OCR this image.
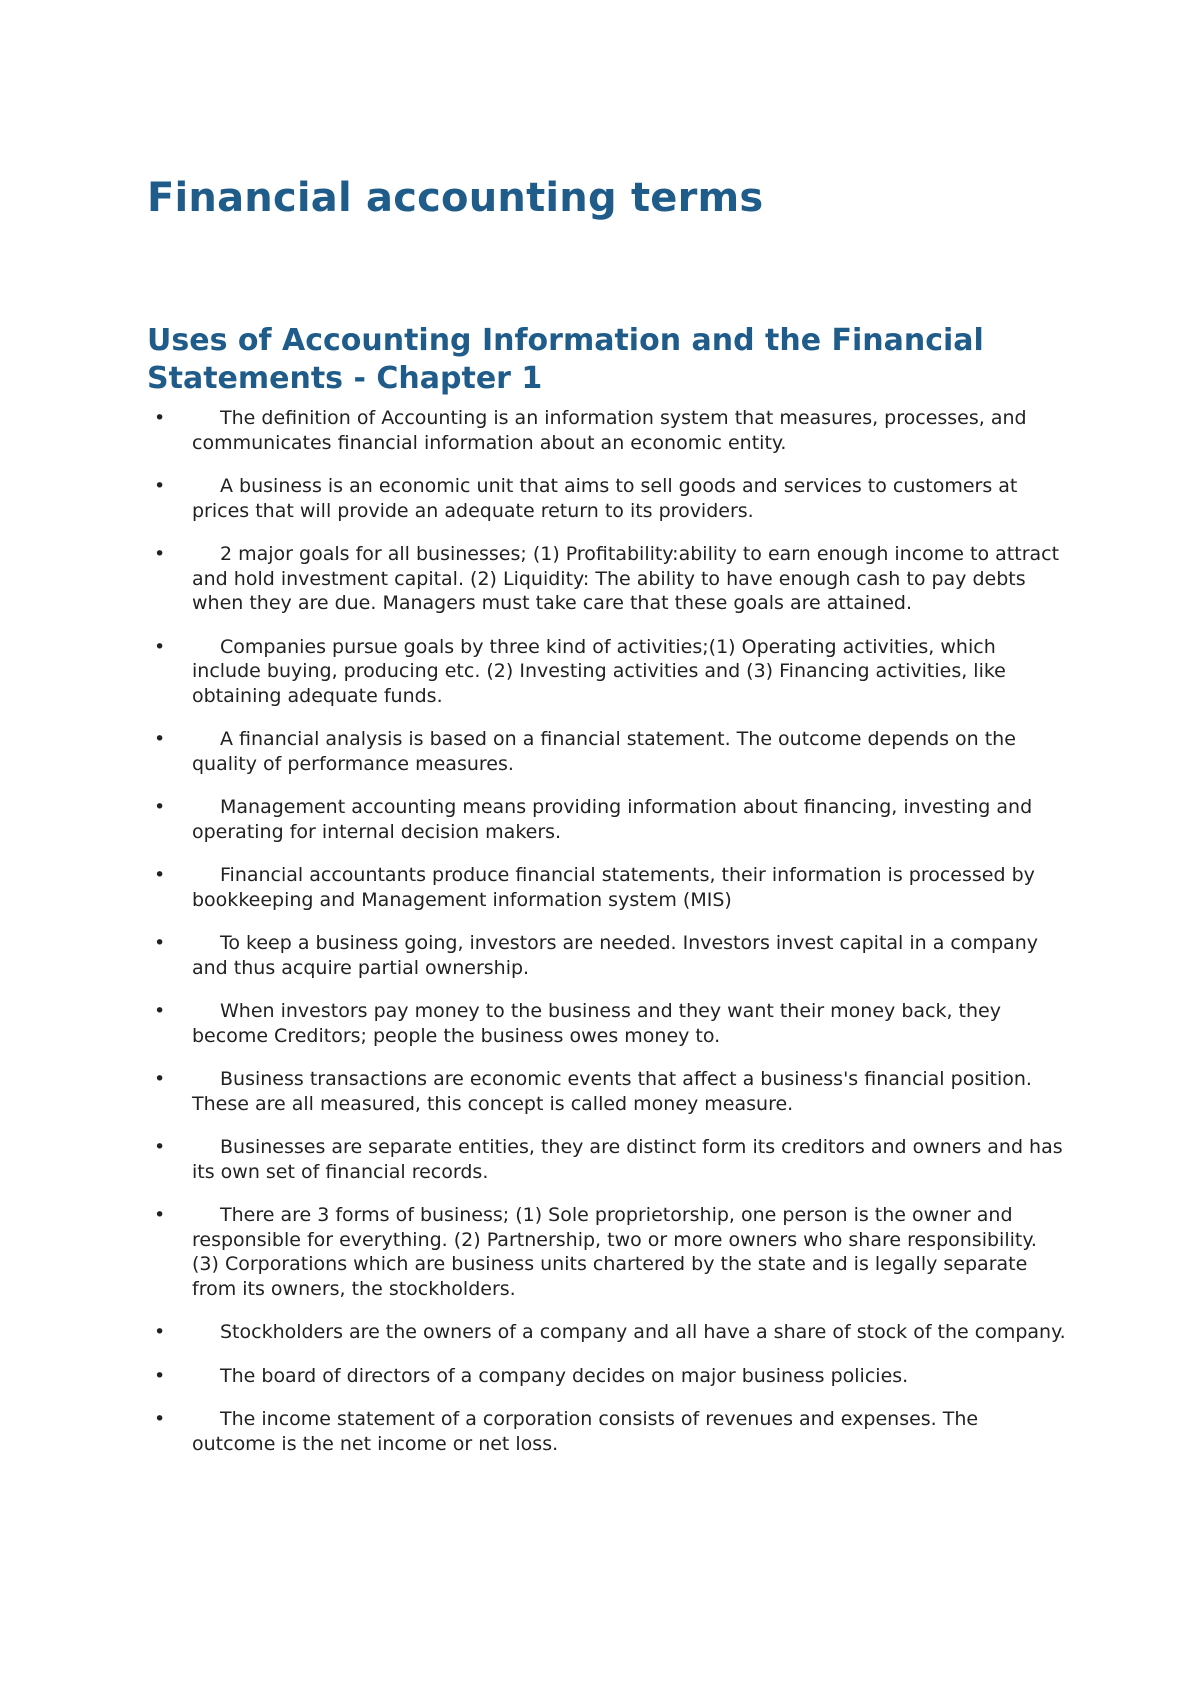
Financial accounting terms
Uses of Accounting Information and the Financial Statements - Chapter 1
•	The definition of Accounting is an information system that measures, processes, and communicates financial information about an economic entity.
•	A business is an economic unit that aims to sell goods and services to customers at prices that will provide an adequate return to its providers.
•	2 major goals for all businesses; (1) Profitability:ability to earn enough income to attract and hold investment capital. (2) Liquidity: The ability to have enough cash to pay debts when they are due. Managers must take care that these goals are attained.
•	Companies pursue goals by three kind of activities;(1) Operating activities, which include buying, producing etc. (2) Investing activities and (3) Financing activities, like obtaining adequate funds.
•	A financial analysis is based on a financial statement. The outcome depends on the quality of performance measures.
•	Management accounting means providing information about financing, investing and operating for internal decision makers.
•	Financial accountants produce financial statements, their information is processed by bookkeeping and Management information system (MIS)
•	To keep a business going, investors are needed. Investors invest capital in a company and thus acquire partial ownership.
•	When investors pay money to the business and they want their money back, they become Creditors; people the business owes money to.
•	Business transactions are economic events that affect a business's financial position. These are all measured, this concept is called money measure.
•	Businesses are separate entities, they are distinct form its creditors and owners and has its own set of financial records.
•	There are 3 forms of business; (1) Sole proprietorship, one person is the owner and responsible for everything. (2) Partnership, two or more owners who share responsibility. (3) Corporations which are business units chartered by the state and is legally separate from its owners, the stockholders.
•	Stockholders are the owners of a company and all have a share of stock of the company.
•	The board of directors of a company decides on major business policies.
•	The income statement of a corporation consists of revenues and expenses. The outcome is the net income or net loss.
